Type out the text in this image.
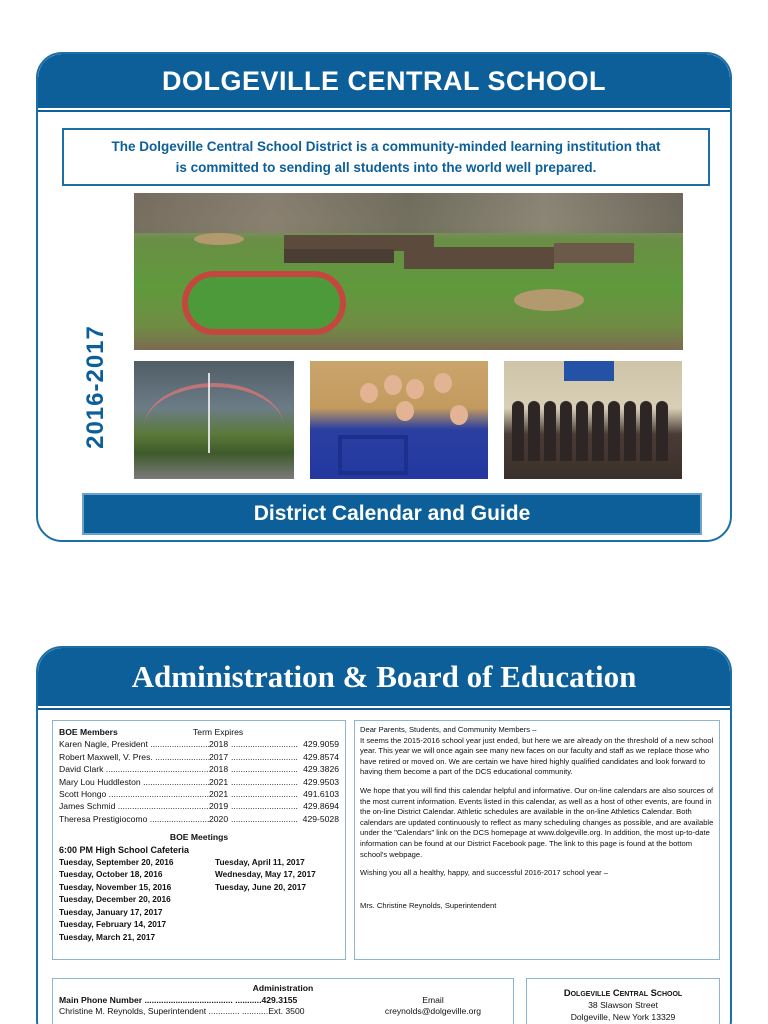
DOLGEVILLE CENTRAL SCHOOL
The Dolgeville Central School District is a community-minded learning institution that is committed to sending all students into the world well prepared.
2016-2017
District Calendar and Guide
Administration & Board of Education
BOE Members	Term Expires
Karen Nagle, President .....	2018	..... 429.9059
Robert Maxwell, V. Pres. .....	2017	..... 429.8574
David Clark .....	2018	..... 429.3826
Mary Lou Huddleston .....	2021	..... 429.9503
Scott Hongo .....	2021	..... 491.6103
James Schmid .....	2019	..... 429.8694
Theresa Prestigiocomo .....	2020	..... 429-5028
BOE Meetings
6:00 PM High School Cafeteria
Tuesday, September 20, 2016
Tuesday, October 18, 2016
Tuesday, November 15, 2016
Tuesday, December 20, 2016
Tuesday, January 17, 2017
Tuesday, February 14, 2017
Tuesday, March 21, 2017
Tuesday, April 11, 2017
Wednesday, May 17, 2017
Tuesday, June 20, 2017

Dear Parents, Students, and Community Members –

It seems the 2015-2016 school year just ended, but here we are already on the threshold of a new school year. This year we will once again see many new faces on our faculty and staff as we replace those who have retired or moved on. We are certain we have hired highly qualified candidates and look forward to having them become a part of the DCS educational community.

We hope that you will find this calendar helpful and informative. Our on-line calendars are also sources of the most current information. Events listed in this calendar, as well as a host of other events, are found in the on-line District Calendar. Athletic schedules are available in the on-line Athletics Calendar. Both calendars are updated continuously to reflect as many scheduling changes as possible, and are available under the "Calendars" link on the DCS homepage at www.dolgeville.org. In addition, the most up-to-date information can be found at our District Facebook page. The link to this page is found at the bottom school's webpage.

Wishing you all a healthy, happy, and successful 2016-2017 school year –

Mrs. Christine Reynolds, Superintendent

Administration
Main Phone Number ..................................... ...........429.3155	Email
Christine M. Reynolds, Superintendent ............. ...........Ext. 3500	creynolds@dolgeville.org
Dolgeville Central School
38 Slawson Street
Dolgeville, New York 13329
